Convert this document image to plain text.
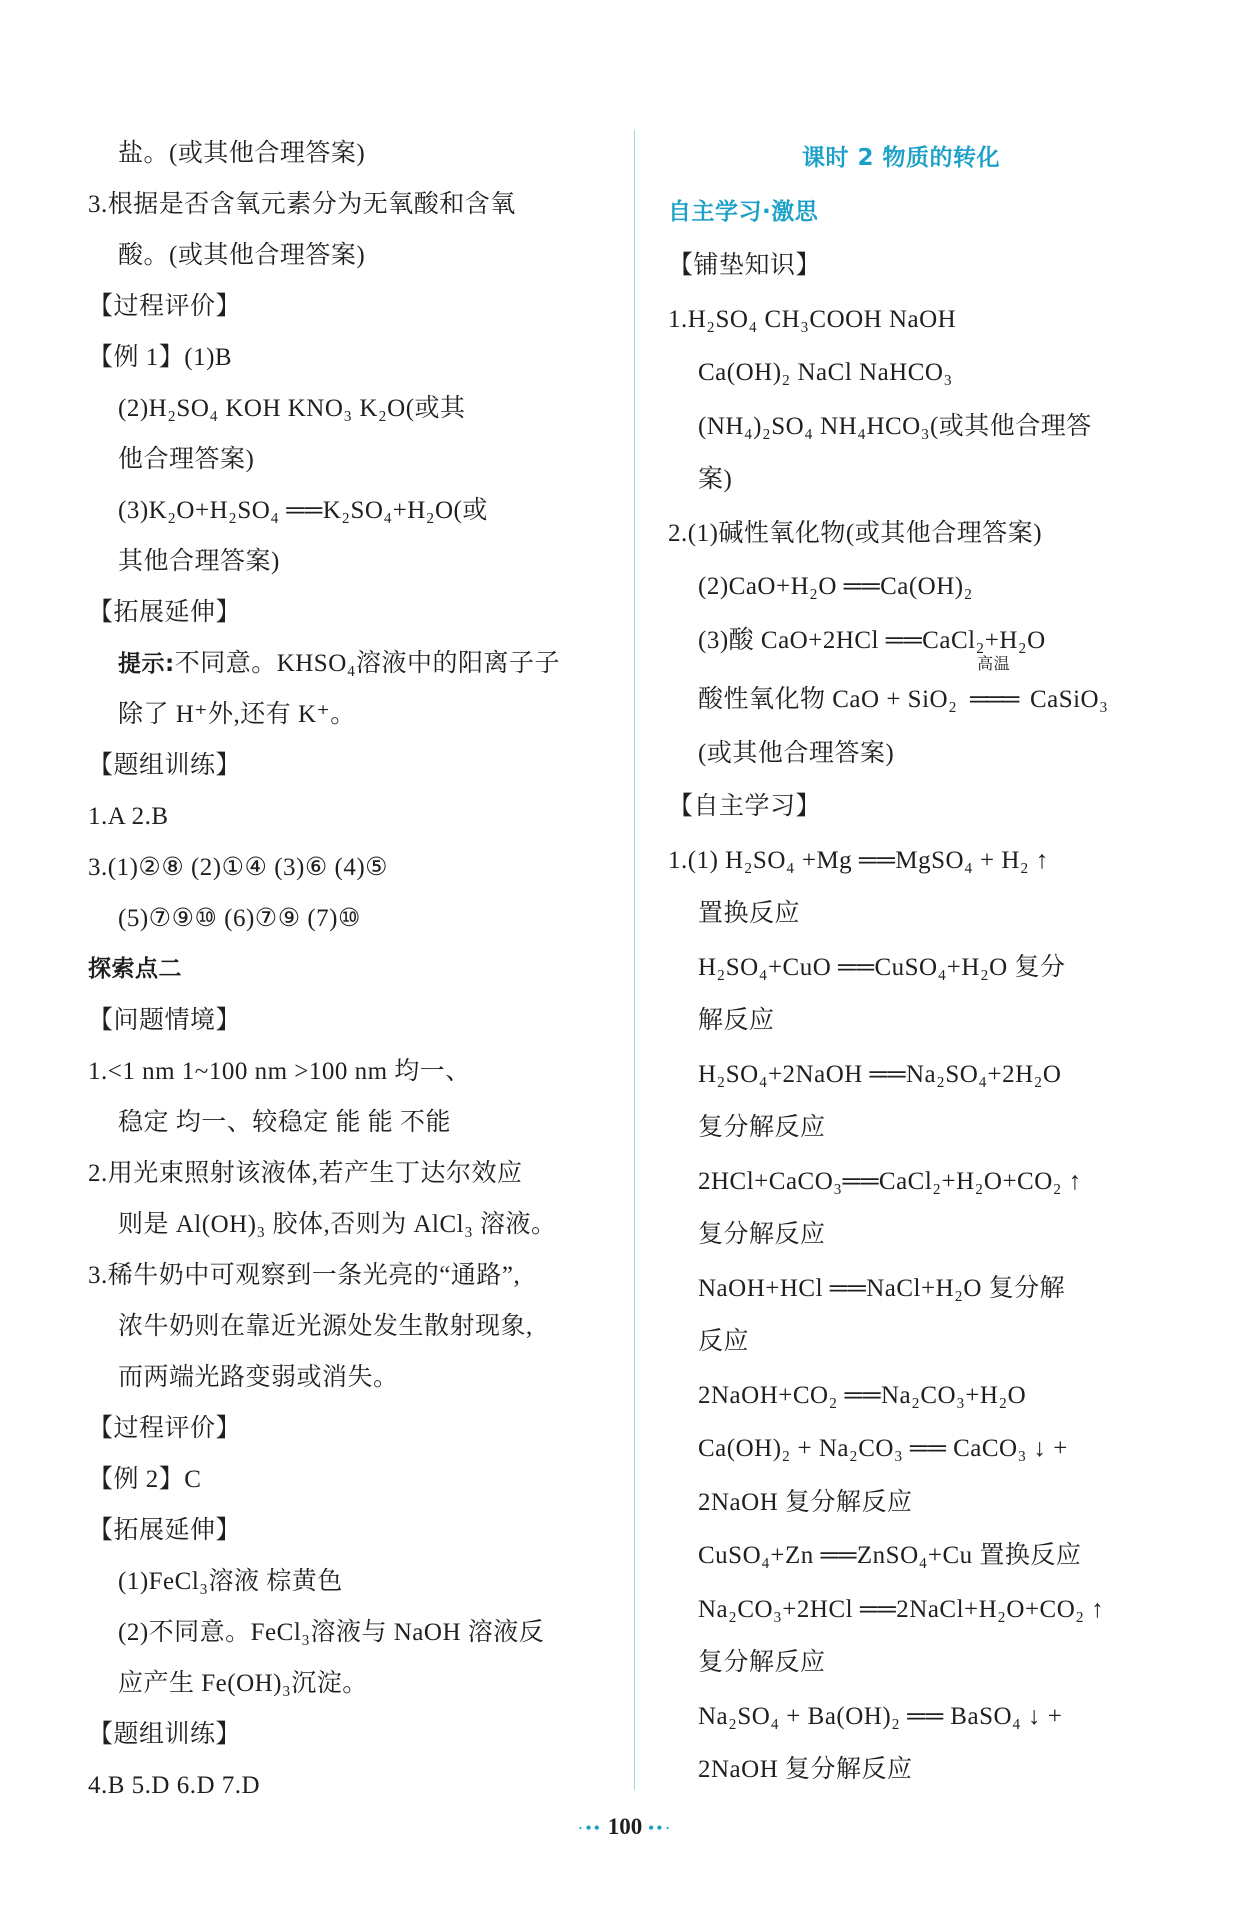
盐。(或其他合理答案)
3.根据是否含氧元素分为无氧酸和含氧
酸。(或其他合理答案)
【过程评价】
【例 1】(1)B
(2)H₂SO₄ KOH KNO₃ K₂O(或其
他合理答案)
(3)K₂O+H₂SO₄ ══K₂SO₄+H₂O(或
其他合理答案)
【拓展延伸】
提示:不同意。KHSO₄溶液中的阳离子子
除了 H⁺外,还有 K⁺。
【题组训练】
1.A 2.B
3.(1)②⑧ (2)①④ (3)⑥ (4)⑤
(5)⑦⑨⑩ (6)⑦⑨ (7)⑩
探索点二
【问题情境】
1.<1 nm 1~100 nm >100 nm 均一、
稳定 均一、较稳定 能 能 不能
2.用光束照射该液体,若产生丁达尔效应
则是 Al(OH)₃ 胶体,否则为 AlCl₃ 溶液。
3.稀牛奶中可观察到一条光亮的“通路”,
浓牛奶则在靠近光源处发生散射现象,
而两端光路变弱或消失。
【过程评价】
【例 2】C
【拓展延伸】
(1)FeCl₃溶液 棕黄色
(2)不同意。FeCl₃溶液与 NaOH 溶液反
应产生 Fe(OH)₃沉淀。
【题组训练】
4.B 5.D 6.D 7.D
课时 2 物质的转化
自主学习·激思
【铺垫知识】
1.H₂SO₄ CH₃COOH NaOH
Ca(OH)₂ NaCl NaHCO₃
(NH₄)₂SO₄ NH₄HCO₃(或其他合理答
案)
2.(1)碱性氧化物(或其他合理答案)
(2)CaO+H₂O ══Ca(OH)₂
(3)酸 CaO+2HCl ══CaCl₂+H₂O
酸性氧化物 CaO + SiO₂
高温
═══ CaSiO₃
(或其他合理答案)
【自主学习】
1.(1) H₂SO₄ +Mg ══MgSO₄ + H₂ ↑
置换反应
H₂SO₄+CuO ══CuSO₄+H₂O 复分
解反应
H₂SO₄+2NaOH ══Na₂SO₄+2H₂O
复分解反应
2HCl+CaCO₃══CaCl₂+H₂O+CO₂ ↑
复分解反应
NaOH+HCl ══NaCl+H₂O 复分解
反应
2NaOH+CO₂ ══Na₂CO₃+H₂O
Ca(OH)₂ + Na₂CO₃ ══ CaCO₃ ↓ +
2NaOH 复分解反应
CuSO₄+Zn ══ZnSO₄+Cu 置换反应
Na₂CO₃+2HCl ══2NaCl+H₂O+CO₂ ↑
复分解反应
Na₂SO₄ + Ba(OH)₂ ══ BaSO₄ ↓ +
2NaOH 复分解反应
·•• 100 ••·
